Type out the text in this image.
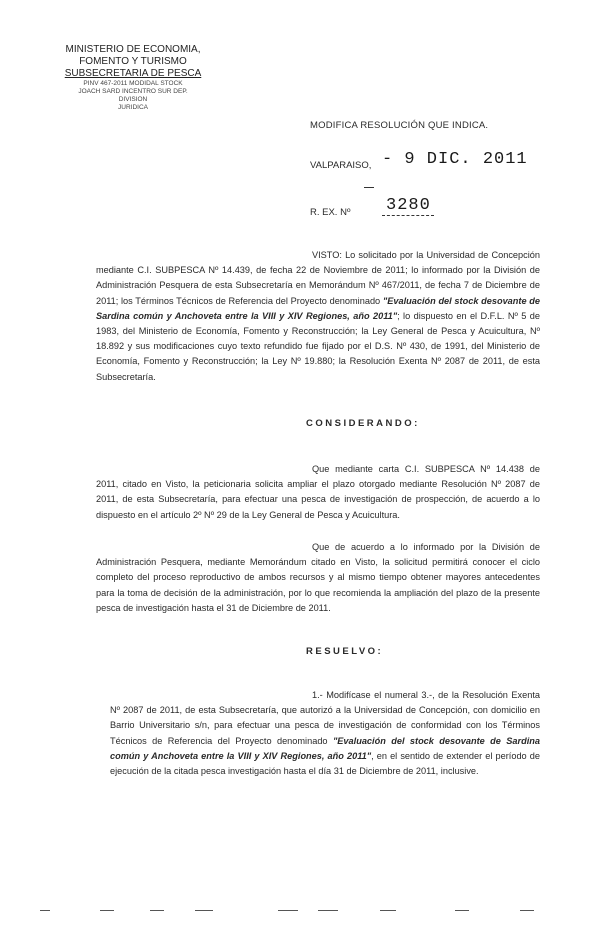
MINISTERIO DE ECONOMIA,
FOMENTO Y TURISMO
SUBSECRETARIA DE PESCA
PINV 467-2011 MODIDAL STOCK
JOACH SARD INCENTRO SUR DEP.
DIVISION
JURIDICA
MODIFICA RESOLUCIÓN QUE INDICA.
VALPARAISO, - 9 DIC. 2011
R. EX. Nº 3280
VISTO: Lo solicitado por la Universidad de Concepción mediante C.I. SUBPESCA Nº 14.439, de fecha 22 de Noviembre de 2011; lo informado por la División de Administración Pesquera de esta Subsecretaría en Memorándum Nº 467/2011, de fecha 7 de Diciembre de 2011; los Términos Técnicos de Referencia del Proyecto denominado "Evaluación del stock desovante de Sardina común y Anchoveta entre la VIII y XIV Regiones, año 2011"; lo dispuesto en el D.F.L. Nº 5 de 1983, del Ministerio de Economía, Fomento y Reconstrucción; la Ley General de Pesca y Acuicultura, Nº 18.892 y sus modificaciones cuyo texto refundido fue fijado por el D.S. Nº 430, de 1991, del Ministerio de Economía, Fomento y Reconstrucción; la Ley Nº 19.880; la Resolución Exenta Nº 2087 de 2011, de esta Subsecretaría.
CONSIDERANDO:
Que mediante carta C.I. SUBPESCA Nº 14.438 de 2011, citado en Visto, la peticionaria solicita ampliar el plazo otorgado mediante Resolución Nº 2087 de 2011, de esta Subsecretaría, para efectuar una pesca de investigación de prospección, de acuerdo a lo dispuesto en el artículo 2º Nº 29 de la Ley General de Pesca y Acuicultura.
Que de acuerdo a lo informado por la División de Administración Pesquera, mediante Memorándum citado en Visto, la solicitud permitirá conocer el ciclo completo del proceso reproductivo de ambos recursos y al mismo tiempo obtener mayores antecedentes para la toma de decisión de la administración, por lo que recomienda la ampliación del plazo de la presente pesca de investigación hasta el 31 de Diciembre de 2011.
RESUELVO:
1.- Modifícase el numeral 3.-, de la Resolución Exenta Nº 2087 de 2011, de esta Subsecretaría, que autorizó a la Universidad de Concepción, con domicilio en Barrio Universitario s/n, para efectuar una pesca de investigación de conformidad con los Términos Técnicos de Referencia del Proyecto denominado "Evaluación del stock desovante de Sardina común y Anchoveta entre la VIII y XIV Regiones, año 2011", en el sentido de extender el período de ejecución de la citada pesca investigación hasta el día 31 de Diciembre de 2011, inclusive.
